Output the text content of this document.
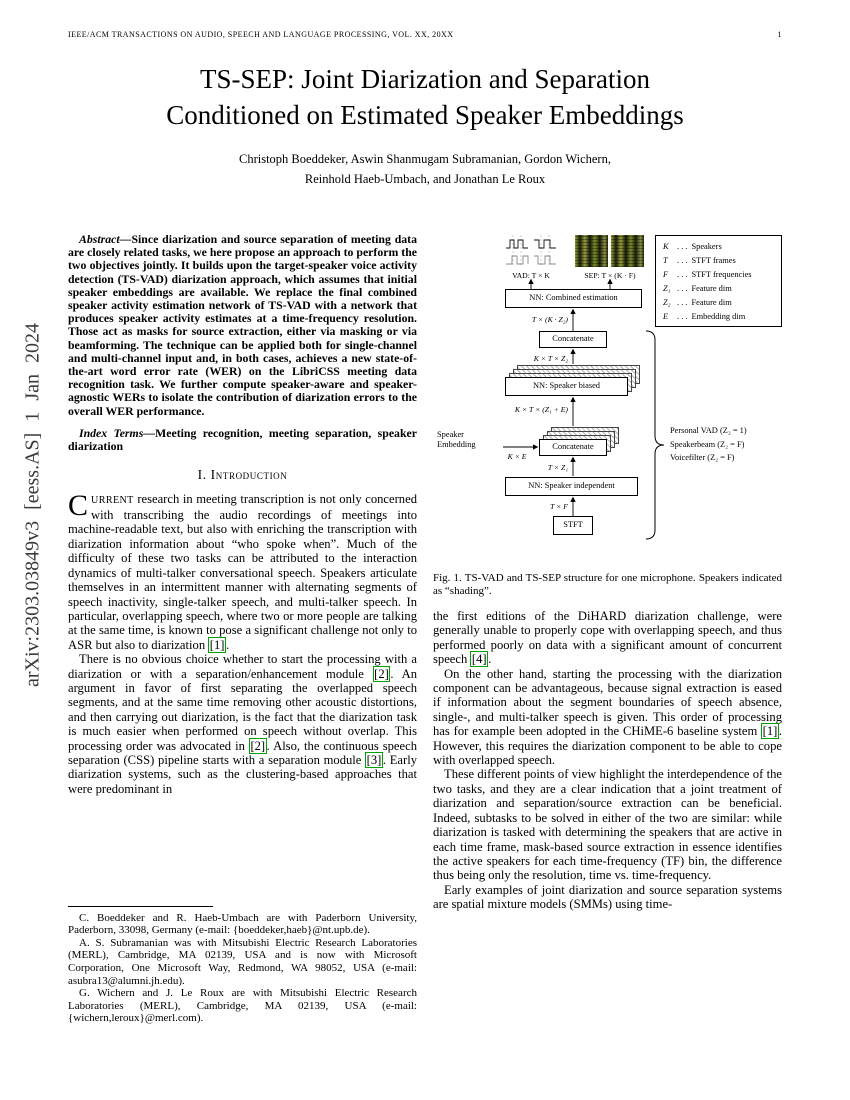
IEEE/ACM TRANSACTIONS ON AUDIO, SPEECH AND LANGUAGE PROCESSING, VOL. XX, 20XX	1
arXiv:2303.03849v3 [eess.AS] 1 Jan 2024
TS-SEP: Joint Diarization and Separation
Conditioned on Estimated Speaker Embeddings
Christoph Boeddeker, Aswin Shanmugam Subramanian, Gordon Wichern,
Reinhold Haeb-Umbach, and Jonathan Le Roux

Abstract—Since diarization and source separation of meeting data are closely related tasks, we here propose an approach to perform the two objectives jointly. It builds upon the target-speaker voice activity detection (TS-VAD) diarization approach, which assumes that initial speaker embeddings are available. We replace the final combined speaker activity estimation network of TS-VAD with a network that produces speaker activity estimates at a time-frequency resolution. Those act as masks for source extraction, either via masking or via beamforming. The technique can be applied both for single-channel and multi-channel input and, in both cases, achieves a new state-of-the-art word error rate (WER) on the LibriCSS meeting data recognition task. We further compute speaker-aware and speaker-agnostic WERs to isolate the contribution of diarization errors to the overall WER performance.

Index Terms—Meeting recognition, meeting separation, speaker diarization

I. Introduction

CURRENT research in meeting transcription is not only concerned with transcribing the audio recordings of meetings into machine-readable text, but also with enriching the transcription with diarization information about “who spoke when”. Much of the difficulty of these two tasks can be attributed to the interaction dynamics of multi-talker conversational speech. Speakers articulate themselves in an intermittent manner with alternating segments of speech inactivity, single-talker speech, and multi-talker speech. In particular, overlapping speech, where two or more people are talking at the same time, is known to pose a significant challenge not only to ASR but also to diarization [1] .

There is no obvious choice whether to start the processing with a diarization or with a separation/enhancement module [2] . An argument in favor of first separating the overlapped speech segments, and at the same time removing other acoustic distortions, and then carrying out diarization, is the fact that the diarization task is much easier when performed on speech without overlap. This processing order was advocated in [2] . Also, the continuous speech separation (CSS) pipeline starts with a separation module [3] . Early diarization systems, such as the clustering-based approaches that were predominant in

C. Boeddeker and R. Haeb-Umbach are with Paderborn University, Paderborn, 33098, Germany (e-mail: {boeddeker,haeb}@nt.upb.de).

A. S. Subramanian was with Mitsubishi Electric Research Laboratories (MERL), Cambridge, MA 02139, USA and is now with Microsoft Corporation, One Microsoft Way, Redmond, WA 98052, USA (e-mail: asubra13@alumni.jh.edu).

G. Wichern and J. Le Roux are with Mitsubishi Electric Research Laboratories (MERL), Cambridge, MA 02139, USA (e-mail: {wichern,leroux}@merl.com).

VAD: T × K	SEP: T × (K · F)
K . . . Speakers
T . . . STFT frames
F . . . STFT frequencies
Z₁ . . . Feature dim
Z₂ . . . Feature dim
E . . . Embedding dim
NN: Combined estimation
T × (K · Z₂)
Concatenate
K × T × Z₂
NN: Speaker biased
K × T × (Z₁ + E)
Concatenate
Speaker
Embedding
K × E
T × Z₁
NN: Speaker independent
T × F
STFT
Personal VAD (Z₂ = 1)
Speakerbeam (Z₂ = F)
Voicefilter (Z₂ = F)
Fig. 1. TS-VAD and TS-SEP structure for one microphone. Speakers indicated as “shading”.

the first editions of the DiHARD diarization challenge, were generally unable to properly cope with overlapping speech, and thus performed poorly on data with a significant amount of concurrent speech [4] .

On the other hand, starting the processing with the diarization component can be advantageous, because signal extraction is eased if information about the segment boundaries of speech absence, single-, and multi-talker speech is given. This order of processing has for example been adopted in the CHiME-6 baseline system [1] . However, this requires the diarization component to be able to cope with overlapped speech.

These different points of view highlight the interdependence of the two tasks, and they are a clear indication that a joint treatment of diarization and separation/source extraction can be beneficial. Indeed, subtasks to be solved in either of the two are similar: while diarization is tasked with determining the speakers that are active in each time frame, mask-based source extraction in essence identifies the active speakers for each time-frequency (TF) bin, the difference thus being only the resolution, time vs. time-frequency.

Early examples of joint diarization and source separation systems are spatial mixture models (SMMs) using time-
